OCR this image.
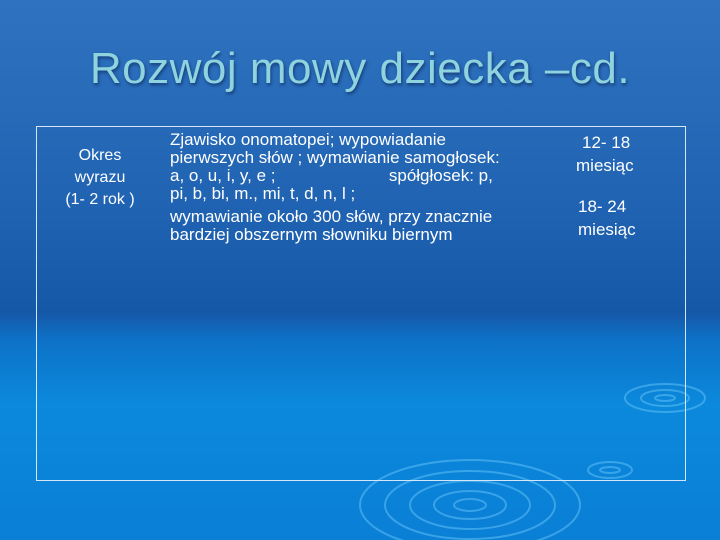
Rozwój mowy dziecka –cd.
Okres
wyrazu
(1- 2 rok )
Zjawisko onomatopei; wypowiadanie
pierwszych słów ; wymawianie samogłosek:
a, o, u, i, y, e ;                        spółgłosek: p,
pi, b, bi, m., mi, t, d, n, l ;
wymawianie około 300 słów, przy znacznie
bardziej obszernym słowniku biernym
12- 18
miesiąc
18- 24
miesiąc
